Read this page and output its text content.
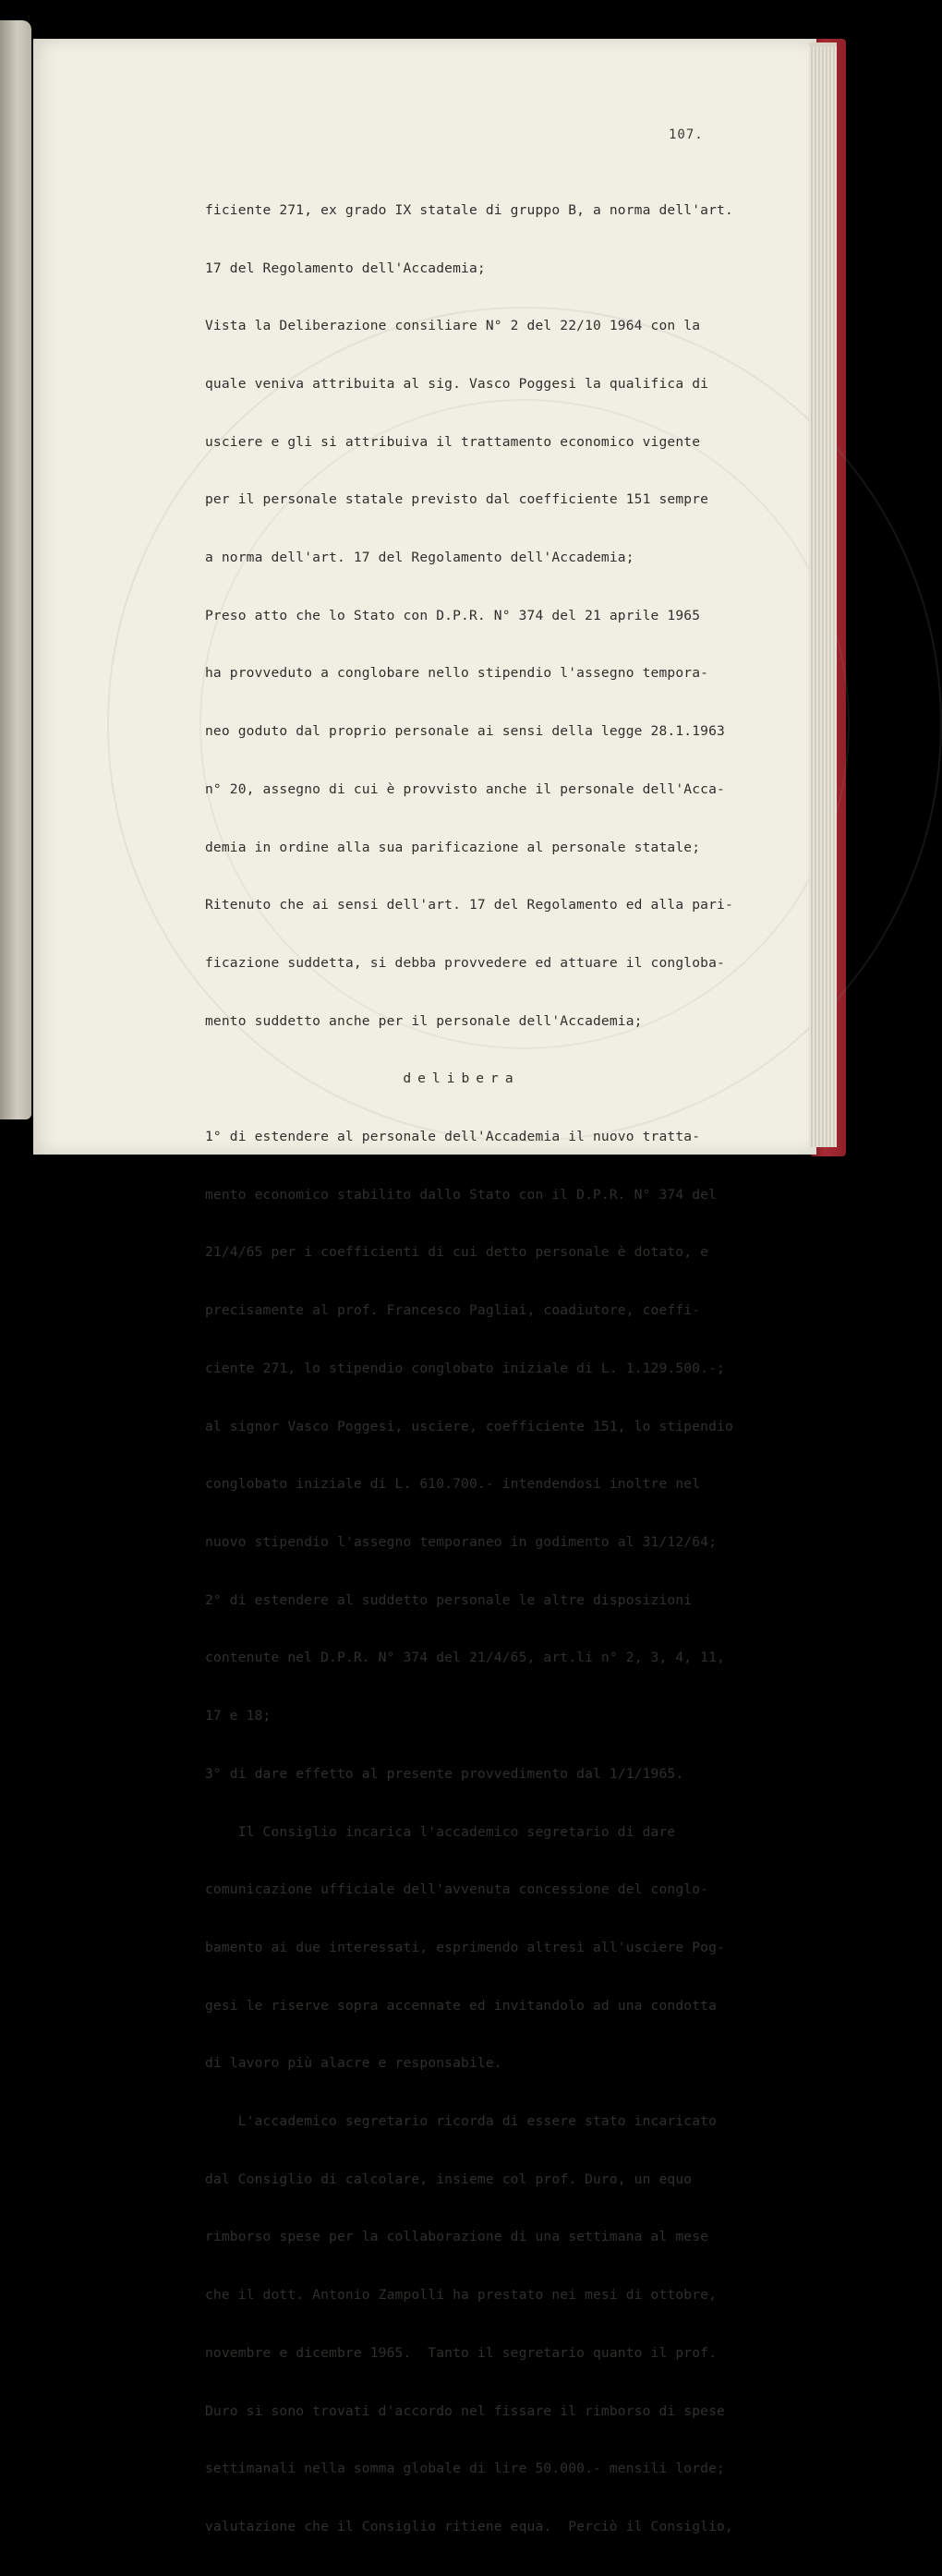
107.

ficiente 271, ex grado IX statale di gruppo B, a norma dell'art.

17 del Regolamento dell'Accademia;

Vista la Deliberazione consiliare N° 2 del 22/10 1964 con la

quale veniva attribuita al sig. Vasco Poggesi la qualifica di

usciere e gli si attribuiva il trattamento economico vigente

per il personale statale previsto dal coefficiente 151 sempre

a norma dell'art. 17 del Regolamento dell'Accademia;

Preso atto che lo Stato con D.P.R. N° 374 del 21 aprile 1965

ha provveduto a conglobare nello stipendio l'assegno tempora-

neo goduto dal proprio personale ai sensi della legge 28.1.1963

n° 20, assegno di cui è provvisto anche il personale dell'Acca-

demia in ordine alla sua parificazione al personale statale;

Ritenuto che ai sensi dell'art. 17 del Regolamento ed alla pari-

ficazione suddetta, si debba provvedere ed attuare il congloba-

mento suddetto anche per il personale dell'Accademia;

delibera

1° di estendere al personale dell'Accademia il nuovo tratta-

mento economico stabilito dallo Stato con il D.P.R. N° 374 del

21/4/65 per i coefficienti di cui detto personale è dotato, e

precisamente al prof. Francesco Pagliai, coadiutore, coeffi-

ciente 271, lo stipendio conglobato iniziale di L. 1.129.500.-;

al signor Vasco Poggesi, usciere, coefficiente 151, lo stipendio

conglobato iniziale di L. 610.700.- intendendosi inoltre nel

nuovo stipendio l'assegno temporaneo in godimento al 31/12/64;

2° di estendere al suddetto personale le altre disposizioni

contenute nel D.P.R. N° 374 del 21/4/65, art.li n° 2, 3, 4, 11,

17 e 18;

3° di dare effetto al presente provvedimento dal 1/1/1965.

Il Consiglio incarica l'accademico segretario di dare

comunicazione ufficiale dell'avvenuta concessione del conglo-

bamento ai due interessati, esprimendo altresì all'usciere Pog-

gesi le riserve sopra accennate ed invitandolo ad una condotta

di lavoro più alacre e responsabile.

L'accademico segretario ricorda di essere stato incaricato

dal Consiglio di calcolare, insieme col prof. Duro, un equo

rimborso spese per la collaborazione di una settimana al mese

che il dott. Antonio Zampolli ha prestato nei mesi di ottobre,

novembre e dicembre 1965.  Tanto il segretario quanto il prof.

Duro si sono trovati d'accordo nel fissare il rimborso di spese

settimanali nella somma globale di lire 50.000.- mensili lorde;

valutazione che il Consiglio ritiene equa.  Perciò il Consiglio,
